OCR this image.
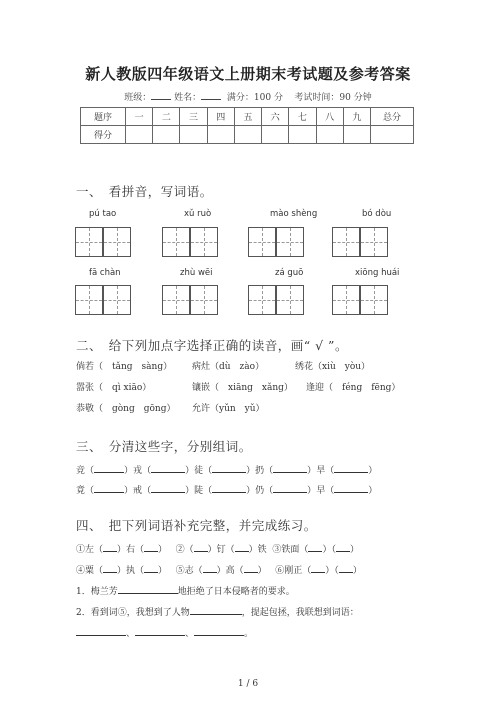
新人教版四年级语文上册期末考试题及参考答案
班级：	姓名：	满分：100 分 考试时间：90 分钟
题序	一	二	三	四	五	六	七	八	九	总分
得分										
一、　看拼音，写词语。
pú tao	xǔ ruò	mào shèng	bó dòu
fā chàn	zhù wēi	zá guō	xiōng huái
二、　给下列加点字选择正确的读音，画“ √ ”。
倘若（　tǎng　sàng） 病灶（dù　zào）	绣花（xiù　yòu）
嚣张（　qì xiāo）	镶嵌（　xiāng　xǎng） 逢迎（　féng　fēng）
恭敬（　gòng　gōng） 允许（yǔn　yǔ）
三、　分清这些字，分别组词。
竞（	）戎（	）徒（	）扔（	）旱（	）
竟（	）戒（	）陡（	）仍（	）早（	）
四、　把下列词语补充完整，并完成练习。
①左（ ）右（ ） ②（ ）钉（ ）铁 ③铁面（ ）（ ）
④粟（ ）执（ ） ⑤志（ ）高（ ） ⑥刚正（ ）（ ）
1．梅兰芳	地拒绝了日本侵略者的要求。
2．看到词⑤，我想到了人物	，提起包拯，我联想到词语：
、	、	。
1 / 6
